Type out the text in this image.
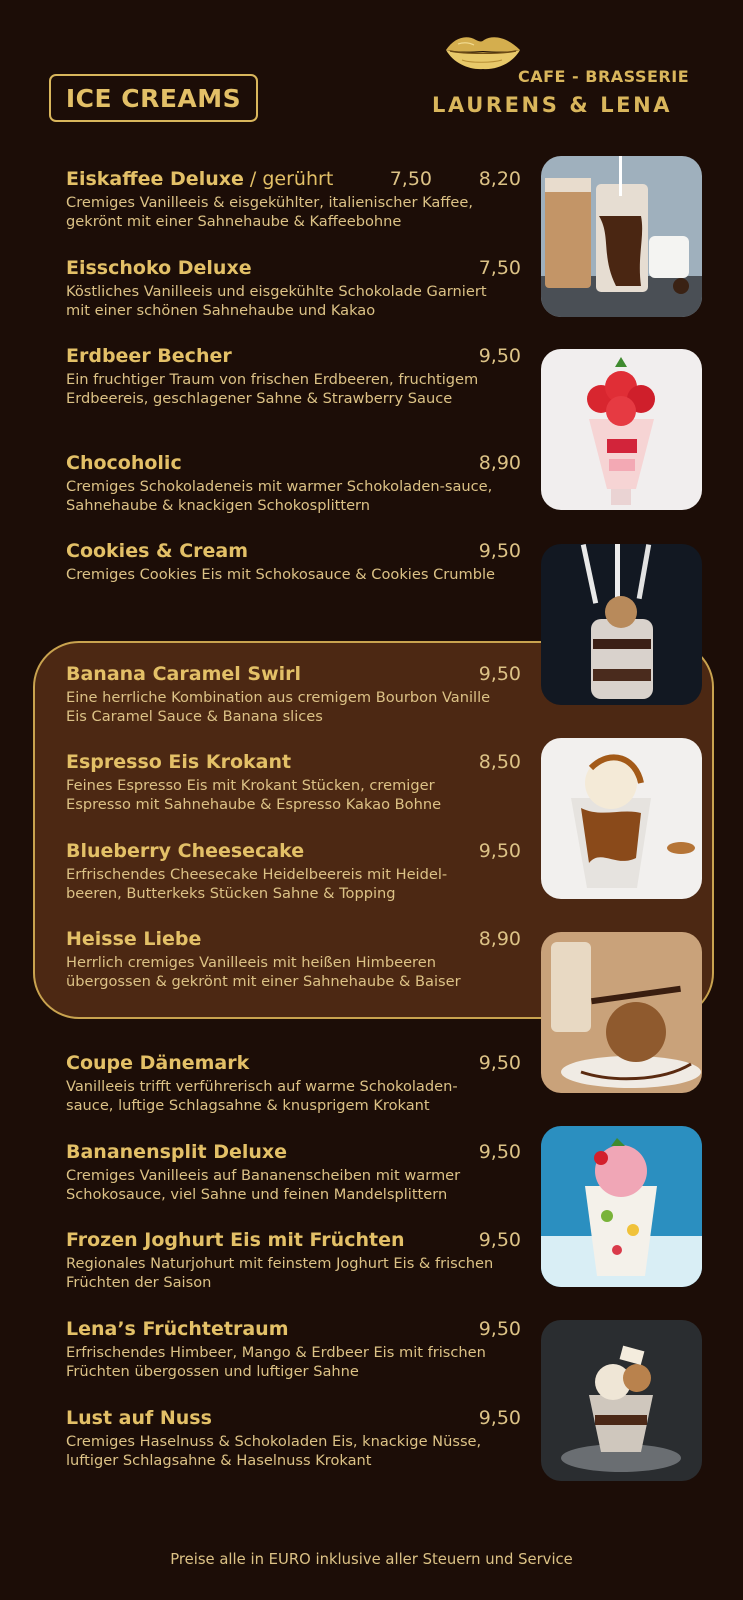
ICE CREAMS
CAFE - BRASSERIE
LAURENS & LENA
Eiskaffee Deluxe / gerührt	7,50 8,20
Cremiges Vanilleeis & eisgekühlter, italienischer Kaffee, gekrönt mit einer Sahnehaube & Kaffeebohne
Eisschoko Deluxe	7,50
Köstliches Vanilleeis und eisgekühlte Schokolade Garniert mit einer schönen Sahnehaube und Kakao
Erdbeer Becher	9,50
Ein fruchtiger Traum von frischen Erdbeeren, fruchtigem Erdbeereis, geschlagener Sahne & Strawberry Sauce
Chocoholic	8,90
Cremiges Schokoladeneis mit warmer Schokoladen-sauce, Sahnehaube & knackigen Schokosplittern
Cookies & Cream	9,50
Cremiges Cookies Eis mit Schokosauce & Cookies Crumble
Banana Caramel Swirl	9,50
Eine herrliche Kombination aus cremigem Bourbon Vanille Eis Caramel Sauce & Banana slices
Espresso Eis Krokant	8,50
Feines Espresso Eis mit Krokant Stücken, cremiger Espresso mit Sahnehaube & Espresso Kakao Bohne
Blueberry Cheesecake	9,50
Erfrischendes Cheesecake Heidelbeereis mit Heidel-beeren, Butterkeks Stücken Sahne & Topping
Heisse Liebe	8,90
Herrlich cremiges Vanilleeis mit heißen Himbeeren übergossen & gekrönt mit einer Sahnehaube & Baiser
Coupe Dänemark	9,50
Vanilleeis trifft verführerisch auf warme Schokoladen-sauce, luftige Schlagsahne & knusprigem Krokant
Bananensplit Deluxe	9,50
Cremiges Vanilleeis auf Bananenscheiben mit warmer Schokosauce, viel Sahne und feinen Mandelsplittern
Frozen Joghurt Eis mit Früchten	9,50
Regionales Naturjohurt mit feinstem Joghurt Eis & frischen Früchten der Saison
Lena’s Früchtetraum	9,50
Erfrischendes Himbeer, Mango & Erdbeer Eis mit frischen Früchten übergossen und luftiger Sahne
Lust auf Nuss	9,50
Cremiges Haselnuss & Schokoladen Eis, knackige Nüsse, luftiger Schlagsahne & Haselnuss Krokant
Preise alle in EURO inklusive aller Steuern und Service
